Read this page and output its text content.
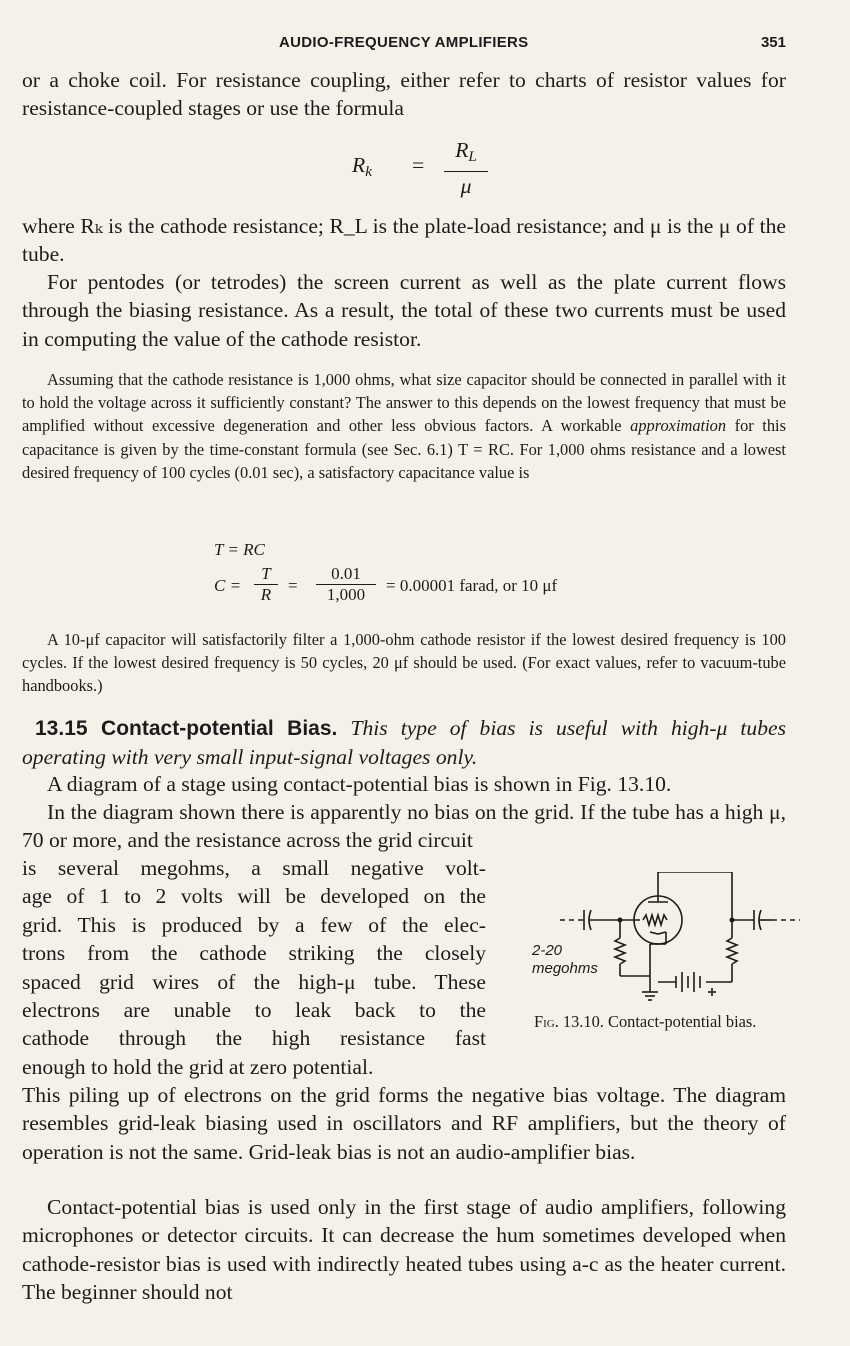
AUDIO-FREQUENCY AMPLIFIERS	351

or a choke coil. For resistance coupling, either refer to charts of resistor values for resistance-coupled stages or use the formula

$R_k$ =
$R_L$
μ

where Rₖ is the cathode resistance; R_L is the plate-load resistance; and μ is the μ of the tube.

For pentodes (or tetrodes) the screen current as well as the plate current flows through the biasing resistance. As a result, the total of these two currents must be used in computing the value of the cathode resistor.

Assuming that the cathode resistance is 1,000 ohms, what size capacitor should be connected in parallel with it to hold the voltage across it sufficiently constant? The answer to this depends on the lowest frequency that must be amplified without excessive degeneration and other less obvious factors. A workable approximation for this capacitance is given by the time-constant formula (see Sec. 6.1) T = RC. For 1,000 ohms resistance and a lowest desired frequency of 100 cycles (0.01 sec), a satisfactory capacitance value is

T = RC
C =
T
R =
0.01
1,000	= 0.00001 farad, or 10 μf

A 10-μf capacitor will satisfactorily filter a 1,000-ohm cathode resistor if the lowest desired frequency is 100 cycles. If the lowest desired frequency is 50 cycles, 20 μf should be used. (For exact values, refer to vacuum-tube handbooks.)

13.15 Contact-potential Bias. This type of bias is useful with high-μ tubes operating with very small input-signal voltages only.

A diagram of a stage using contact-potential bias is shown in Fig. 13.10.

In the diagram shown there is apparently no bias on the grid. If the tube has a high μ, 70 or more, and the resistance across the grid circuit

is several megohms, a small negative volt-
age of 1 to 2 volts will be developed on the
grid. This is produced by a few of the elec-
trons from the cathode striking the closely
spaced grid wires of the high-μ tube. These
electrons are unable to leak back to the
cathode through the high resistance fast
enough to hold the grid at zero potential.

This piling up of electrons on the grid forms the negative bias voltage. The diagram resembles grid-leak biasing used in oscillators and RF amplifiers, but the theory of operation is not the same. Grid-leak bias is not an audio-amplifier bias.

Contact-potential bias is used only in the first stage of audio amplifiers, following microphones or detector circuits. It can decrease the hum sometimes developed when cathode-resistor bias is used with indirectly heated tubes using a-c as the heater current. The beginner should not

2-20
megohms
Fig. 13.10. Contact-potential bias.
